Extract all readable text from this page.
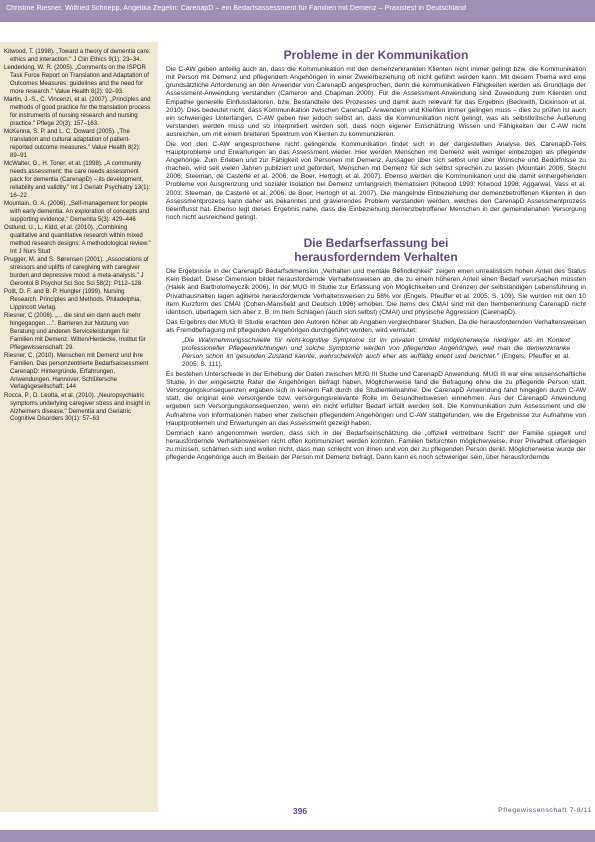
Christine Riesner, Wilfried Schnepp, Angelika Zegelin: CarenapD – ein Bedarfsassessment für Familien mit Demenz – Praxistest in Deutschland

Kitwood, T. (1998). „Toward a theory of dementia care: ethics and interaction." J Clin Ethics 9(1): 23–34.

Lenderking, W. R. (2005). „Comments on the ISPOR Task Force Report on Translation and Adaptation of Outcomes Measures: guidelines and the need for more research." Value Health 8(2): 92–93.

Martin, J.-S., C. Vincenzi, et al. (2007). „Principles and methods of good practice for the translation process for instruments of nursing research and nursing practice." Pflege 20(3): 157–163.

McKenna, S. P. and L. C. Doward (2005). „The translation and cultural adaptation of patient-reported outcome measures." Value Health 8(2): 89–91

McWalter, G., H. Toner, et al. (1998). „A community needs assessment: the care needs assessment pack for dementia (CarenapD) – its development, reliability and validity." Int J Geriatr Psychiatry 13(1): 16–22

Mountain, G. A. (2006). „Self-management for people with early dementia. An exploration of concepts and supporting evidence." Dementia 5(3): 429–446

Ostlund, U., L. Kidd, et al. (2010). „Combining qualitative and quantitative research within mixed method research designs: A methodological review." Int J Nurs Stud

Prugger, M. and S. Sørensen (2001). „Associations of stressors and uplifts of caregiving with caregiver burden and depressive mood: a meta-analysis." J Gerontol B Psychol Sci Soc Sci 58(2): P112–128

Polit, D. F. and B. P. Hungler (1999). Nursing Research. Principles and Methods. Philadelphia, Lippincott Verlag.

Riesner, C (2006). „... die sind ein dann auch mehr hingegangen ...". Barrieren zur Nutzung von Beratung und anderen Serviceleistungen für Familien mit Demenz. Witten/Herdecke, Institut für Pflegewissenschaft: 29.

Riesner, C. (2010). Menschen mit Demenz und ihre Familien. Das personzentrierte Bedarfsassessment CarenapD: Hintergründe, Erfahrungen, Anwendungen. Hannover, Schlütersche Verlagsgesellschaft: 144

Rocca, P., D. Leotta, et al. (2010). „Neuropsychiatric symptoms underlying caregiver stress and insight in Alzheimers disease." Dementia and Geriatric Cognitive Disorders 30(1): 57–63

Probleme in der Kommunikation

Die C-AW geben anteilig auch an, dass die Kommunikation mit den demenzerkrankten Klienten nicht immer gelingt bzw. die Kommunikation mit Person mit Demenz und pflegendem Angehörigen in einer Zweierbeziehung oft nicht geführt werden kann. Mit diesem Thema wird eine grundsätzliche Anforderung an den Anwender von CarenapD angesprochen, denn die kommunikativen Fähigkeiten werden als Grundlage der Assessment-Anwendung verstanden (Cameron and Chapman 2000). Für die Assessment-Anwendung sind Zuwendung zum Klienten und Empathie generelle Einflussfaktoren, bzw. Bestandteile des Prozesses und damit auch relevant für das Ergebnis (Beckwith, Dickinson et al. 2010). Dies bedeutet nicht, dass Kommunikation zwischen CarenapD Anwendern und Klienten immer gelingen muss – dies zu prüfen ist auch ein schwieriges Unterfangen. C-AW geben hier jedoch selbst an, dass die Kommunikation nicht gelingt, was als selbstkritische Äußerung verstanden werden muss und so interpretiert werden soll, dass noch eigener Einschätzung Wissen und Fähigkeiten der C-AW nicht ausreichen, um mit einem breiteren Spektrum von Klienten zu kommunizieren.

Die von den C-AW angesprochene nicht gelingende Kommunikation findet sich in der dargestellten Analyse des CarenapD-Teils Hauptprobleme und Erwartungen an das Assessment wieder. Hier werden Menschen mit Demenz weit weniger einbezogen als pflegende Angehörige. Zum Erleben und zur Fähigkeit von Personen mit Demenz, Aussagen über sich selbst und über Wünsche und Bedürfnisse zu machen, wird seit vielen Jahren publiziert und gefordert, Menschen mit Demenz für sich selbst sprechen zu lassen (Mountain 2006; Stechl 2006; Steeman, de Casterlé et al. 2006; de Boer, Hertogh et al. 2007). Ebenso werden die Kommunikation und die damit einhergehenden Probleme von Ausgrenzung und sozialer Isolation bei Demenz umfangreich thematisiert (Kitwood 1993; Kitwood 1998; Aggarwal, Vass et al. 2003; Steeman, de Casterlé et al. 2006; de Boer, Hertogh et al. 2007). Die mangelnde Einbeziehung der demenzbetroffenen Klienten in den Assessmentprozess kann daher als bekanntes und gravierendes Problem verstanden werden, welches den CarenapD Assessmentprozess beeinflusst hat. Ebenso legt dieses Ergebnis nahe, dass die Einbeziehung demenzbetroffener Menschen in der gemeindenahen Versorgung noch nicht ausreichend gelingt.

Die Bedarfserfassung bei
herausforderndem Verhalten

Die Ergebnisse in der CarenapD Bedarfsdimension „Verhalten und mentale Befindlichkeit" zeigen einen unrealistisch hohen Anteil des Status Kein Bedarf. Diese Dimension bildet herausfordernde Verhaltensweisen ab, die zu einem höheren Anteil einen Bedarf verursachen müssten (Halek and Bartholomeyczik 2006). In der MUG III Studie zur Erfassung von Möglichkeiten und Grenzen der selbständigen Lebensführung in Privathaushalten lagen agitierte herausfordernde Verhaltensweisen zu 58% vor (Engels, Pfeuffer et al. 2005; S. 109). Sie wurden mit den 10 Item Kurzform des CMAI (Cohen-Mansfield and Deutsch 1996) erhoben. Die Items des CMAI sind mit den Itembenennung CarenapD nicht identisch, überlagern sich aber z. B. im Item Schlagen (auch sich selbst) (CMAI) und physische Aggression (CarenapD).

Das Ergebnis der MUG III Studie erachten den Autoren höher ab Angaben vergleichbarer Studien. Da die herausfordernden Verhaltensweisen als Fremdbefragung mit pflegenden Angehörigen durchgeführt wurden, wird vermutet:

„Die Wahrnehmungsschwelle für nicht-kognitive Symptome ist im privaten Umfeld möglicherweise niedriger als im Kontext professioneller Pflegeeinrichtungen und solche Symptome werden von pflegenden Angehörigen, weil man die demenzkranke Person schon im gesunden Zustand kannte, wahrscheinlich auch eher als auffällig erlebt und berichtet." (Engels, Pfeuffer et al. 2005; S. 111).

Es bestehen Unterschiede in der Erhebung der Daten zwischen MUG III Studie und CarenapD Anwendung. MUG III war eine wissenschaftliche Studie, in der eingesetzte Rater die Angehörigen befragt haben. Möglicherweise fand die Befragung ohne die zu pflegende Person statt. Versorgungskonsequenzen ergaben sich in keinem Fall durch die Studienteilnahme. Die CarenapD Anwendung fand hingegen durch C-AW statt, die original eine versorgende bzw. versorgungsrelevante Rolle im Gesundheitswesen einnehmen. Aus der CarenapD Anwendung ergeben sich Versorgungskonsequenzen, wenn ein nicht erfüllter Bedarf erfüllt werden soll. Die Kommunikation zum Assessment und die Aufnahme von Informationen haben eher zwischen pflegendem Angehörigen und C-AW stattgefunden, wie die Ergebnisse zur Aufnahme von Hauptproblemen und Erwartungen an das Assessment gezeigt haben.

Demnach kann angenommen werden, dass sich in der Bedarfseinschätzung die „offiziell vertretbare Sicht" der Familie spiegelt und herausfordernde Verhaltensweisen nicht offen kommuniziert werden konnten. Familien befürchten möglicherweise, ihrer Privatheit offenlegen zu müssen, schämen sich und wollen nicht, dass man schlecht von ihnen und von der zu pflegenden Person denkt. Möglicherweise wurde der pflegende Angehörige auch im Beisein der Person mit Demenz befragt. Dann kann es noch schwieriger sein, über herausfordernde

396	Pflegewissenschaft 7-8/11
